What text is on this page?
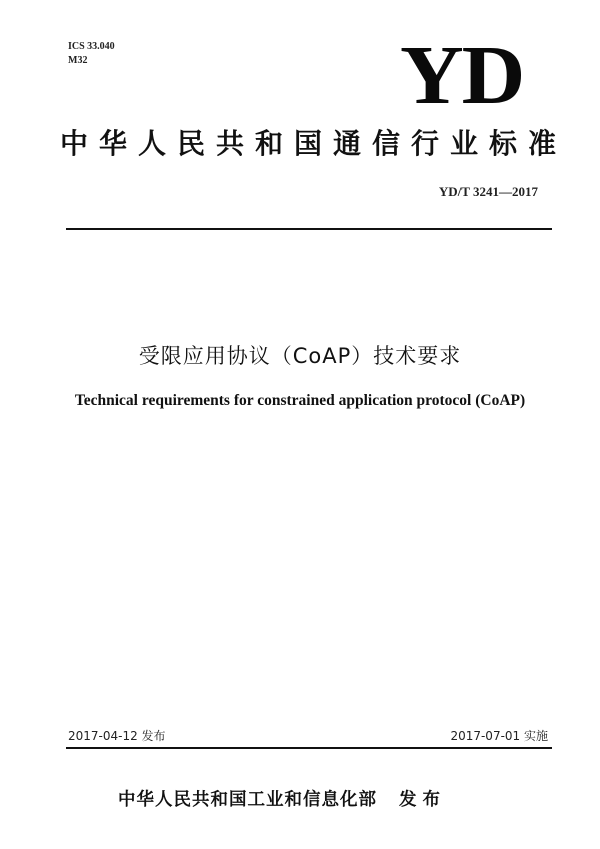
ICS 33.040
M32	YD
中华人民共和国通信行业标准
YD/T 3241—2017
受限应用协议（CoAP）技术要求
Technical requirements for constrained application protocol (CoAP)
2017-04-12 发布	2017-07-01 实施
中华人民共和国工业和信息化部 发布
